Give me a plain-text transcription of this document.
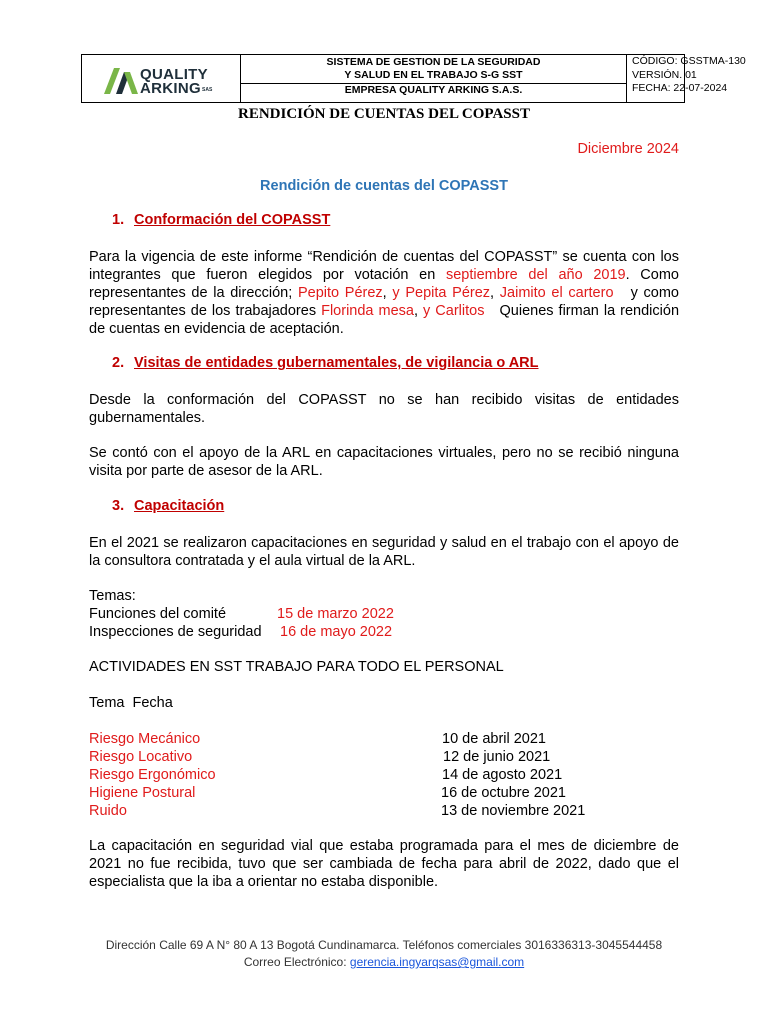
QUALITY
ARKING SAS
SISTEMA DE GESTION DE LA SEGURIDAD
Y SALUD EN EL TRABAJO S-G SST
EMPRESA QUALITY ARKING S.A.S.
CÓDIGO: GSSTMA-130
VERSIÓN. 01
FECHA: 22-07-2024
RENDICIÓN DE CUENTAS DEL COPASST
Diciembre 2024
Rendición de cuentas del COPASST
1. Conformación del COPASST
Para la vigencia de este informe “Rendición de cuentas del COPASST” se cuenta con los integrantes que fueron elegidos por votación en septiembre del año 2019. Como representantes de la dirección; Pepito Pérez, y Pepita Pérez, Jaimito el cartero   y como representantes de los trabajadores Florinda mesa, y Carlitos   Quienes firman la rendición de cuentas en evidencia de aceptación.
2. Visitas de entidades gubernamentales, de vigilancia o ARL
Desde la conformación del COPASST no se han recibido visitas de entidades gubernamentales.
Se contó con el apoyo de la ARL en capacitaciones virtuales, pero no se recibió ninguna visita por parte de asesor de la ARL.
3. Capacitación
En el 2021 se realizaron capacitaciones en seguridad y salud en el trabajo con el apoyo de la consultora contratada y el aula virtual de la ARL.
Temas:
Funciones del comité	15 de marzo 2022
Inspecciones de seguridad 16 de mayo 2022
ACTIVIDADES EN SST TRABAJO PARA TODO EL PERSONAL
Tema  Fecha
Riesgo Mecánico	10 de abril 2021
Riesgo Locativo	12 de junio 2021
Riesgo Ergonómico	14 de agosto 2021
Higiene Postural	16 de octubre 2021
Ruido	13 de noviembre 2021
La capacitación en seguridad vial que estaba programada para el mes de diciembre de 2021 no fue recibida, tuvo que ser cambiada de fecha para abril de 2022, dado que el especialista que la iba a orientar no estaba disponible.
Dirección Calle 69 A N° 80 A 13 Bogotá Cundinamarca. Teléfonos comerciales 3016336313-3045544458
Correo Electrónico: gerencia.ingyarqsas@gmail.com
